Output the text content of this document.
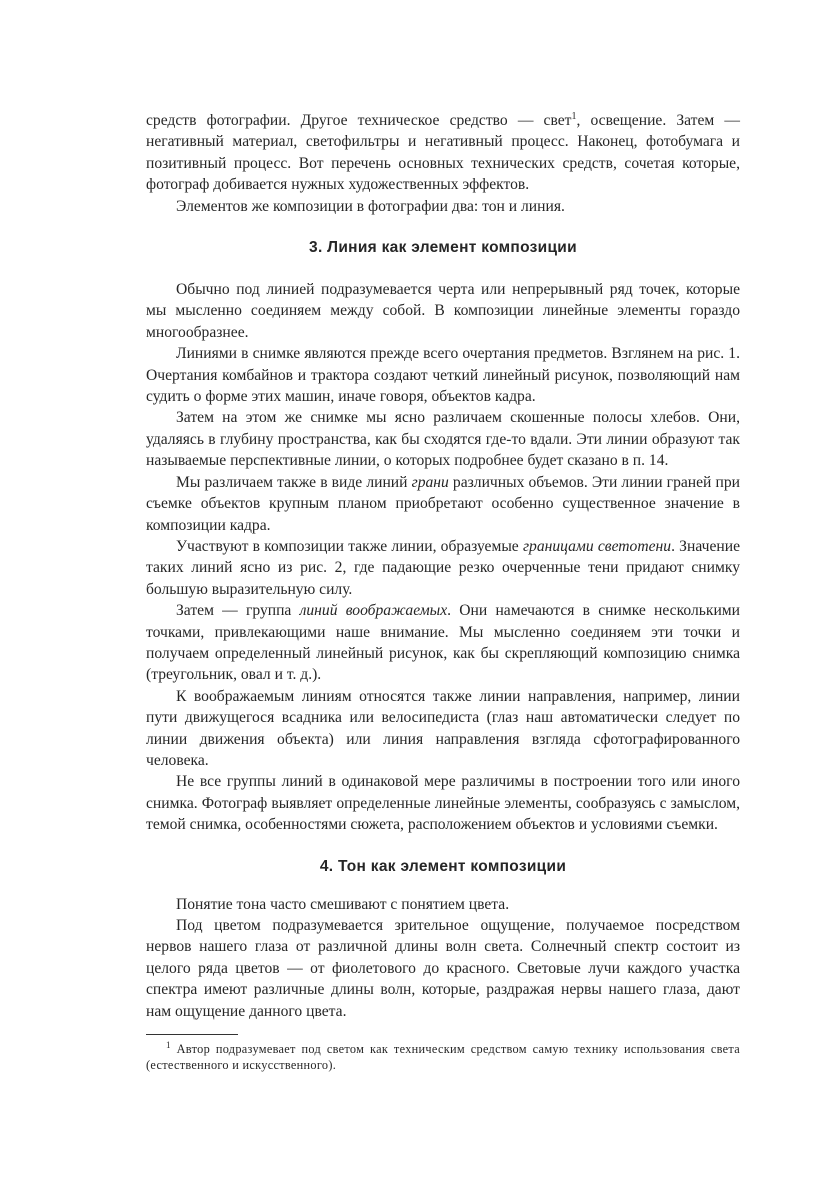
средств фотографии. Другое техническое средство — свет$^1$, освещение. Затем — негативный материал, светофильтры и негативный процесс. Наконец, фотобумага и позитивный процесс. Вот перечень основных технических средств, сочетая которые, фотограф добивается нужных художественных эффектов.

Элементов же композиции в фотографии два: тон и линия.

3. Линия как элемент композиции

Обычно под линией подразумевается черта или непрерывный ряд точек, которые мы мысленно соединяем между собой. В композиции линейные элементы гораздо многообразнее.

Линиями в снимке являются прежде всего очертания предметов. Взглянем на рис. 1. Очертания комбайнов и трактора создают четкий линейный рисунок, позволяющий нам судить о форме этих машин, иначе говоря, объектов кадра.

Затем на этом же снимке мы ясно различаем скошенные полосы хлебов. Они, удаляясь в глубину пространства, как бы сходятся где-то вдали. Эти линии образуют так называемые перспективные линии, о которых подробнее будет сказано в п. 14.

Мы различаем также в виде линий грани различных объемов. Эти линии граней при съемке объектов крупным планом приобретают особенно существенное значение в композиции кадра.

Участвуют в композиции также линии, образуемые границами светотени. Значение таких линий ясно из рис. 2, где падающие резко очерченные тени придают снимку большую выразительную силу.

Затем — группа линий воображаемых. Они намечаются в снимке несколькими точками, привлекающими наше внимание. Мы мысленно соединяем эти точки и получаем определенный линейный рисунок, как бы скрепляющий композицию снимка (треугольник, овал и т. д.).

К воображаемым линиям относятся также линии направления, например, линии пути движущегося всадника или велосипедиста (глаз наш автоматически следует по линии движения объекта) или линия направления взгляда сфотографированного человека.

Не все группы линий в одинаковой мере различимы в построении того или иного снимка. Фотограф выявляет определенные линейные элементы, сообразуясь с замыслом, темой снимка, особенностями сюжета, расположением объектов и условиями съемки.

4. Тон как элемент композиции

Понятие тона часто смешивают с понятием цвета.

Под цветом подразумевается зрительное ощущение, получаемое посредством нервов нашего глаза от различной длины волн света. Солнечный спектр состоит из целого ряда цветов — от фиолетового до красного. Световые лучи каждого участка спектра имеют различные длины волн, которые, раздражая нервы нашего глаза, дают нам ощущение данного цвета.

$^1$ Автор подразумевает под светом как техническим средством самую технику использования света (естественного и искусственного).
